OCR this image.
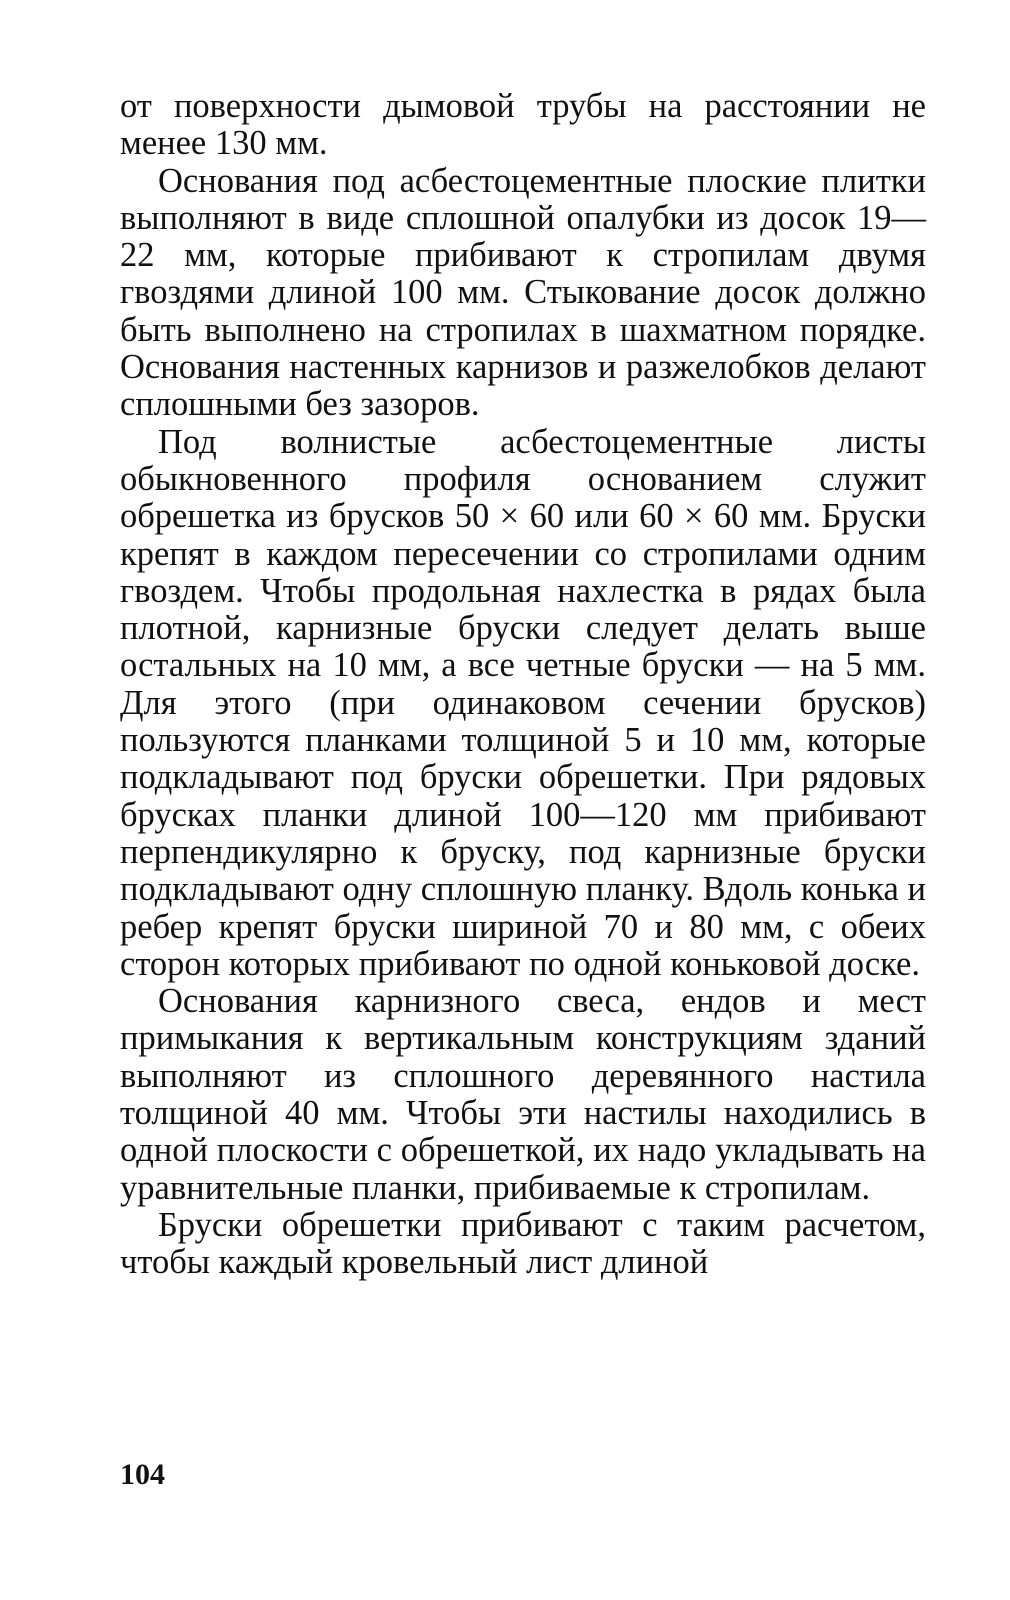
от поверхности дымовой трубы на расстоянии не менее 130 мм.

Основания под асбестоцементные плоские плитки выполняют в виде сплошной опалубки из досок 19—22 мм, которые прибивают к стропилам двумя гвоздями длиной 100 мм. Стыкование досок должно быть выполнено на стропилах в шахматном порядке. Основания настенных карнизов и разжелобков делают сплошными без зазоров.

Под волнистые асбестоцементные листы обыкновенного профиля основанием служит обрешетка из брусков 50 × 60 или 60 × 60 мм. Бруски крепят в каждом пересечении со стропилами одним гвоздем. Чтобы продольная нахлестка в рядах была плотной, карнизные бруски следует делать выше остальных на 10 мм, а все четные бруски — на 5 мм. Для этого (при одинаковом сечении брусков) пользуются планками толщиной 5 и 10 мм, которые подкладывают под бруски обрешетки. При рядовых брусках планки длиной 100—120 мм прибивают перпендикулярно к бруску, под карнизные бруски подкладывают одну сплошную планку. Вдоль конька и ребер крепят бруски шириной 70 и 80 мм, с обеих сторон которых прибивают по одной коньковой доске.

Основания карнизного свеса, ендов и мест примыкания к вертикальным конструкциям зданий выполняют из сплошного деревянного настила толщиной 40 мм. Чтобы эти настилы находились в одной плоскости с обрешеткой, их надо укладывать на уравнительные планки, прибиваемые к стропилам.

Бруски обрешетки прибивают с таким расчетом, чтобы каждый кровельный лист длиной

104
